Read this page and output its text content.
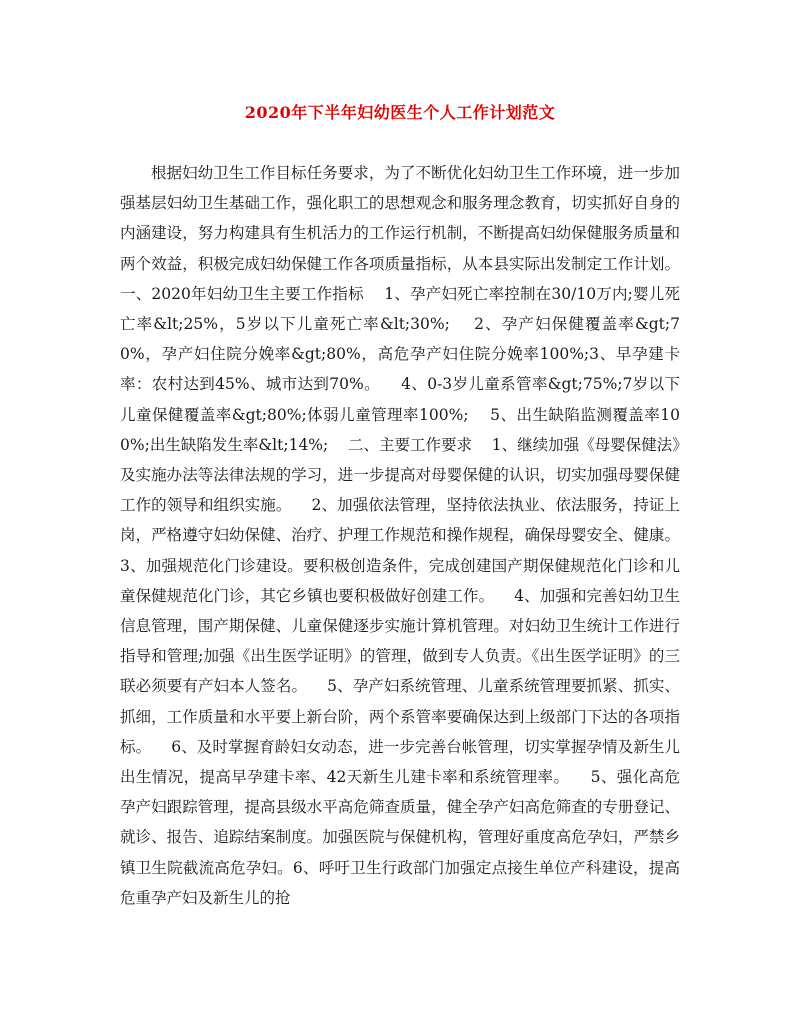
2020年下半年妇幼医生个人工作计划范文
根据妇幼卫生工作目标任务要求，为了不断优化妇幼卫生工作环境，进一步加强基层妇幼卫生基础工作，强化职工的思想观念和服务理念教育，切实抓好自身的内涵建设，努力构建具有生机活力的工作运行机制，不断提高妇幼保健服务质量和两个效益，积极完成妇幼保健工作各项质量指标，从本县实际出发制定工作计划。    一、2020年妇幼卫生主要工作指标    1、孕产妇死亡率控制在30/10万内;婴儿死亡率&lt;25%，5岁以下儿童死亡率&lt;30%;    2、孕产妇保健覆盖率&gt;70%，孕产妇住院分娩率&gt;80%，高危孕产妇住院分娩率100%;3、早孕建卡率：农村达到45%、城市达到70%。    4、0-3岁儿童系管率&gt;75%;7岁以下儿童保健覆盖率&gt;80%;体弱儿童管理率100%;    5、出生缺陷监测覆盖率100%;出生缺陷发生率&lt;14%;    二、主要工作要求    1、继续加强《母婴保健法》及实施办法等法律法规的学习，进一步提高对母婴保健的认识，切实加强母婴保健工作的领导和组织实施。    2、加强依法管理，坚持依法执业、依法服务，持证上岗，严格遵守妇幼保健、治疗、护理工作规范和操作规程，确保母婴安全、健康。    3、加强规范化门诊建设。要积极创造条件，完成创建国产期保健规范化门诊和儿童保健规范化门诊，其它乡镇也要积极做好创建工作。    4、加强和完善妇幼卫生信息管理，围产期保健、儿童保健逐步实施计算机管理。对妇幼卫生统计工作进行指导和管理;加强《出生医学证明》的管理，做到专人负责。《出生医学证明》的三联必须要有产妇本人签名。    5、孕产妇系统管理、儿童系统管理要抓紧、抓实、抓细，工作质量和水平要上新台阶，两个系管率要确保达到上级部门下达的各项指标。    6、及时掌握育龄妇女动态，进一步完善台帐管理，切实掌握孕情及新生儿出生情况，提高早孕建卡率、42天新生儿建卡率和系统管理率。    5、强化高危孕产妇跟踪管理，提高县级水平高危筛查质量，健全孕产妇高危筛查的专册登记、就诊、报告、追踪结案制度。加强医院与保健机构，管理好重度高危孕妇，严禁乡镇卫生院截流高危孕妇。6、呼吁卫生行政部门加强定点接生单位产科建设，提高危重孕产妇及新生儿的抢
